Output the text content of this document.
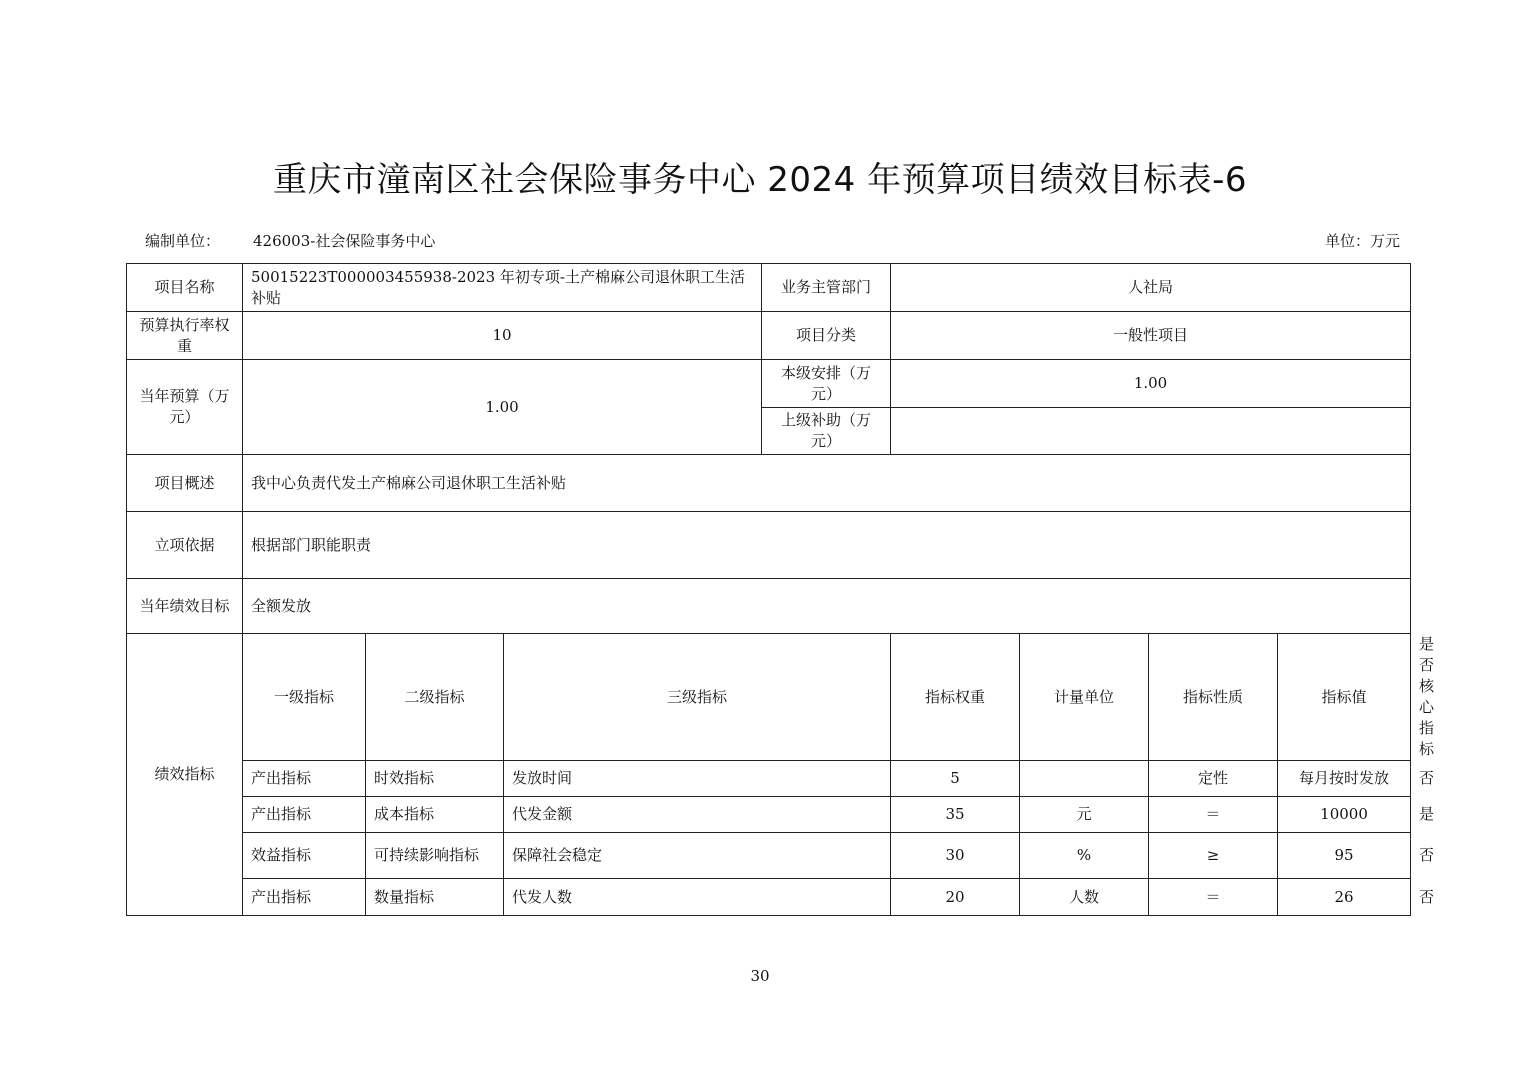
重庆市潼南区社会保险事务中心 2024 年预算项目绩效目标表-6
编制单位： 426003-社会保险事务中心	单位：万元
项目名称	50015223T000003455938-2023 年初专项-土产棉麻公司退休职工生活补贴			业务主管部门	人社局				
预算执行率权重	10			项目分类	一般性项目				
当年预算（万元）	1.00			本级安排（万元）	1.00				
				上级补助（万元）					
项目概述	我中心负责代发土产棉麻公司退休职工生活补贴								
立项依据	根据部门职能职责								
当年绩效目标	全额发放								
绩效指标	一级指标	二级指标	三级指标		指标权重	计量单位	指标性质	指标值	是否核心指标
	产出指标	时效指标	发放时间		5		定性	每月按时发放	否
	产出指标	成本指标	代发金额		35	元	＝	10000	是
	效益指标	可持续影响指标	保障社会稳定		30	%	≥	95	否
	产出指标	数量指标	代发人数		20	人数	＝	26	否
30
